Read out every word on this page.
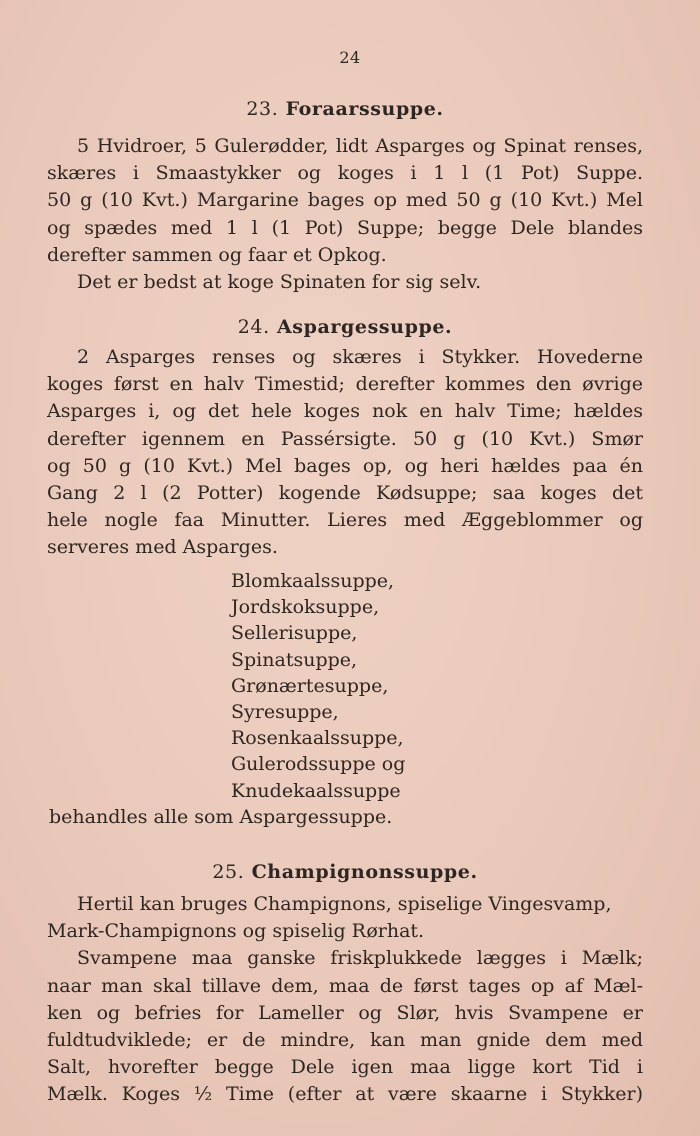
24
23. Foraarssuppe.
5 Hvidroer, 5 Gulerødder, lidt Asparges og Spinat renses,
skæres i Smaastykker og koges i 1 l (1 Pot) Suppe.
50 g (10 Kvt.) Margarine bages op med 50 g (10 Kvt.) Mel
og spædes med 1 l (1 Pot) Suppe; begge Dele blandes
derefter sammen og faar et Opkog.
Det er bedst at koge Spinaten for sig selv.
24. Aspargessuppe.
2 Asparges renses og skæres i Stykker. Hovederne
koges først en halv Timestid; derefter kommes den øvrige
Asparges i, og det hele koges nok en halv Time; hældes
derefter igennem en Passérsigte. 50 g (10 Kvt.) Smør
og 50 g (10 Kvt.) Mel bages op, og heri hældes paa én
Gang 2 l (2 Potter) kogende Kødsuppe; saa koges det
hele nogle faa Minutter. Lieres med Æggeblommer og
serveres med Asparges.
Blomkaalssuppe,
Jordskoksuppe,
Sellerisuppe,
Spinatsuppe,
Grønærtesuppe,
Syresuppe,
Rosenkaalssuppe,
Gulerodssuppe og
Knudekaalssuppe
behandles alle som Aspargessuppe.
25. Champignonssuppe.
Hertil kan bruges Champignons, spiselige Vingesvamp,
Mark-Champignons og spiselig Rørhat.
Svampene maa ganske friskplukkede lægges i Mælk;
naar man skal tillave dem, maa de først tages op af Mæl-
ken og befries for Lameller og Slør, hvis Svampene er
fuldtudviklede; er de mindre, kan man gnide dem med
Salt, hvorefter begge Dele igen maa ligge kort Tid i
Mælk. Koges ½ Time (efter at være skaarne i Stykker)
